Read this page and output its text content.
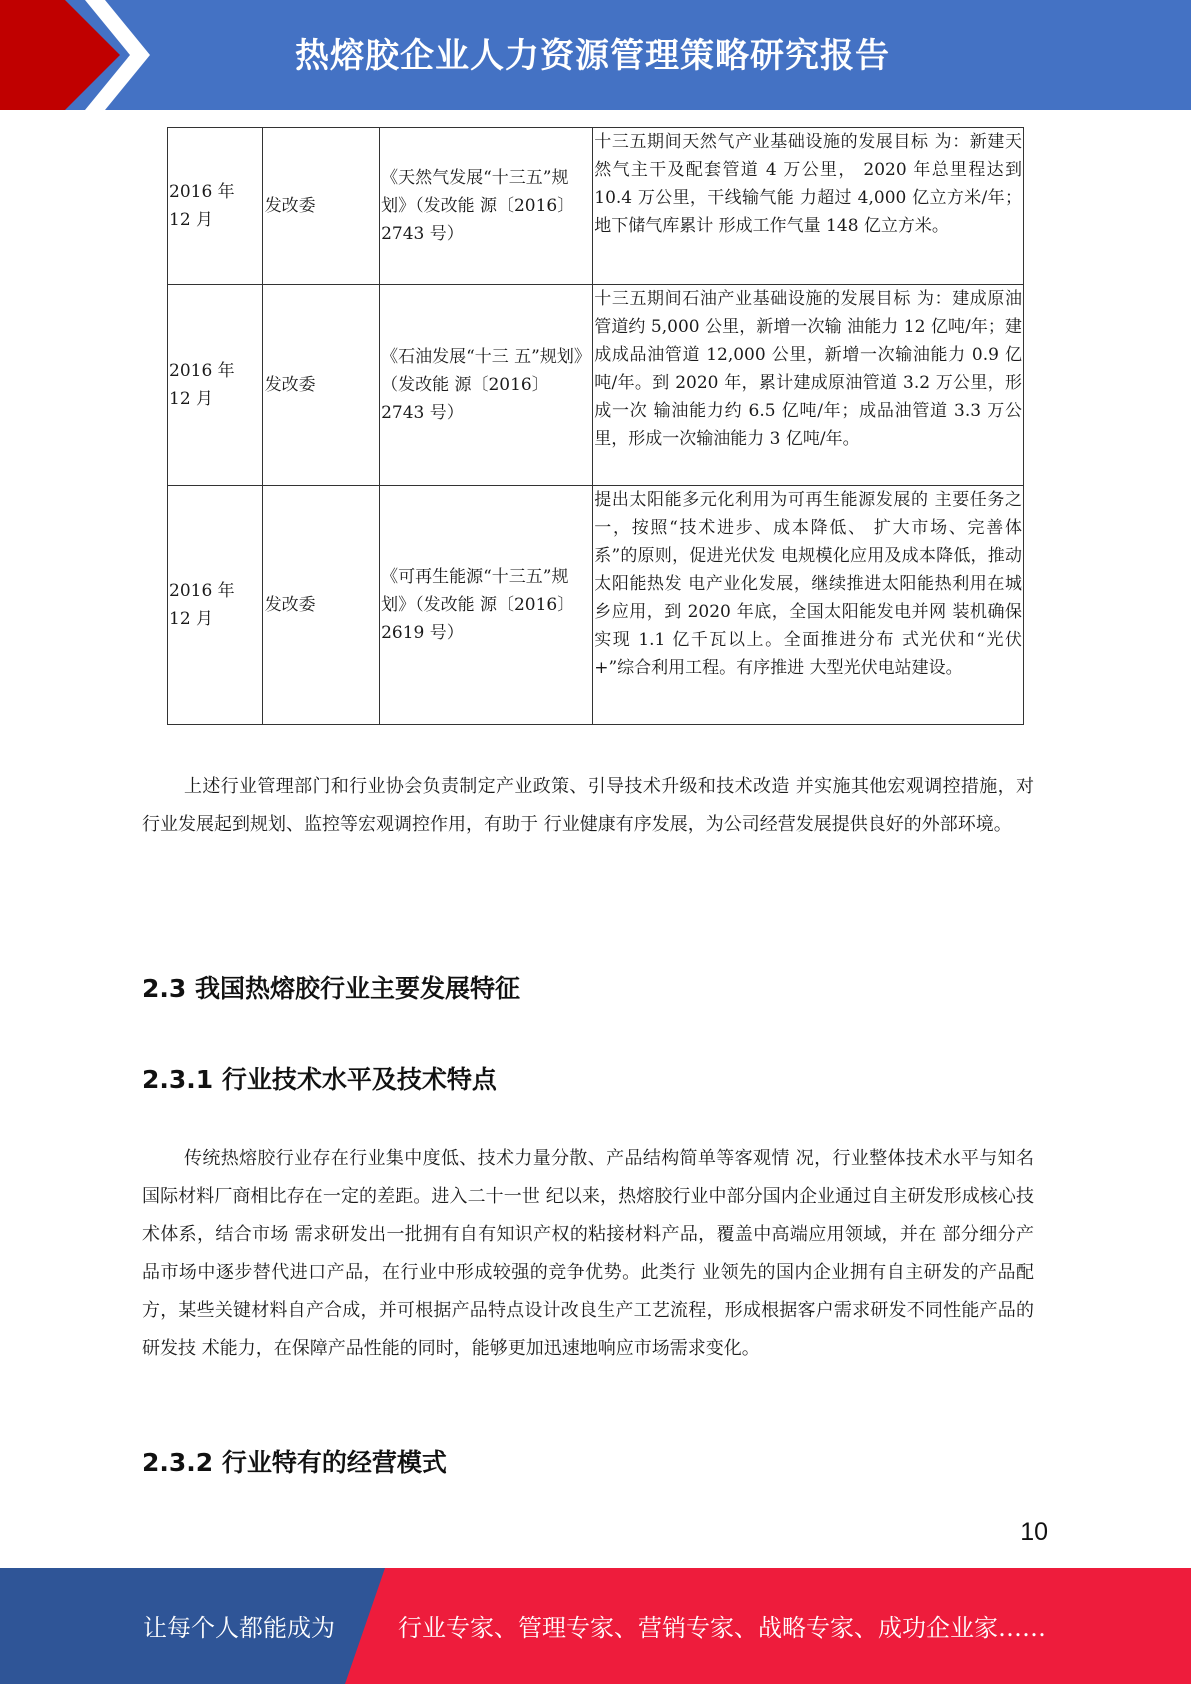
热熔胶企业人力资源管理策略研究报告
2016 年 12 月	发改委	《天然气发展“十三五”规划》（发改能 源〔2016〕 2743 号）	十三五期间天然气产业基础设施的发展目标 为：新建天然气主干及配套管道 4 万公里， 2020 年总里程达到 10.4 万公里，干线输气能 力超过 4,000 亿立方米/年；地下储气库累计 形成工作气量 148 亿立方米。
2016 年 12 月	发改委	《石油发展“十三 五”规划》（发改能 源〔2016〕 2743 号）	十三五期间石油产业基础设施的发展目标 为：建成原油管道约 5,000 公里，新增一次输 油能力 12 亿吨/年；建成成品油管道 12,000 公里，新增一次输油能力 0.9 亿吨/年。到 2020 年，累计建成原油管道 3.2 万公里，形成一次 输油能力约 6.5 亿吨/年；成品油管道 3.3 万公 里，形成一次输油能力 3 亿吨/年。
2016 年 12 月	发改委	《可再生能源“十三五”规划》（发改能 源〔2016〕 2619 号）	提出太阳能多元化利用为可再生能源发展的 主要任务之一，按照“技术进步、成本降低、 扩大市场、完善体系”的原则，促进光伏发 电规模化应用及成本降低，推动太阳能热发 电产业化发展，继续推进太阳能热利用在城 乡应用，到 2020 年底，全国太阳能发电并网 装机确保实现 1.1 亿千瓦以上。全面推进分布 式光伏和“光伏+”综合利用工程。有序推进 大型光伏电站建设。
上述行业管理部门和行业协会负责制定产业政策、引导技术升级和技术改造 并实施其他宏观调控措施，对行业发展起到规划、监控等宏观调控作用，有助于 行业健康有序发展，为公司经营发展提供良好的外部环境。
2.3 我国热熔胶行业主要发展特征
2.3.1 行业技术水平及技术特点
传统热熔胶行业存在行业集中度低、技术力量分散、产品结构简单等客观情 况，行业整体技术水平与知名国际材料厂商相比存在一定的差距。进入二十一世 纪以来，热熔胶行业中部分国内企业通过自主研发形成核心技术体系，结合市场 需求研发出一批拥有自有知识产权的粘接材料产品，覆盖中高端应用领域，并在 部分细分产品市场中逐步替代进口产品，在行业中形成较强的竞争优势。此类行 业领先的国内企业拥有自主研发的产品配方，某些关键材料自产合成，并可根据产品特点设计改良生产工艺流程，形成根据客户需求研发不同性能产品的研发技 术能力，在保障产品性能的同时，能够更加迅速地响应市场需求变化。
2.3.2 行业特有的经营模式
10
让每个人都能成为	行业专家、管理专家、营销专家、战略专家、成功企业家……
